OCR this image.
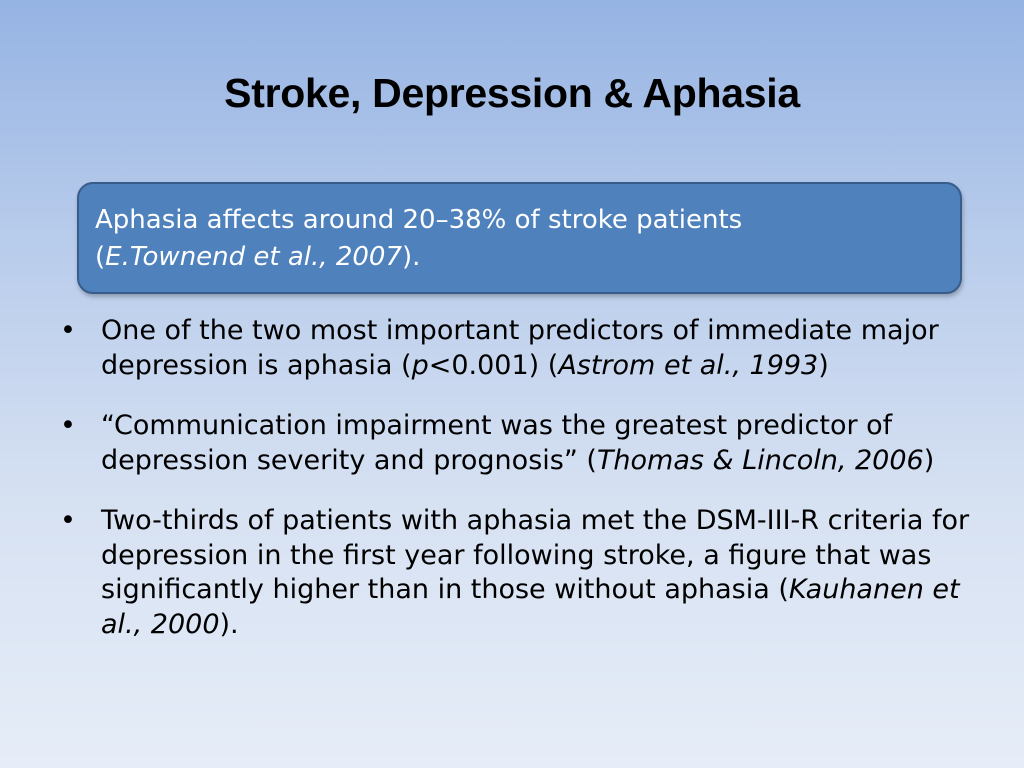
Stroke, Depression & Aphasia
Aphasia affects around 20–38% of stroke patients
(E.Townend et al., 2007).
• One of the two most important predictors of immediate major depression is aphasia (p<0.001) (Astrom et al., 1993)
• “Communication impairment was the greatest predictor of depression severity and prognosis” (Thomas & Lincoln, 2006)
• Two-thirds of patients with aphasia met the DSM-III-R criteria for depression in the first year following stroke, a figure that was significantly higher than in those without aphasia (Kauhanen et al., 2000).
